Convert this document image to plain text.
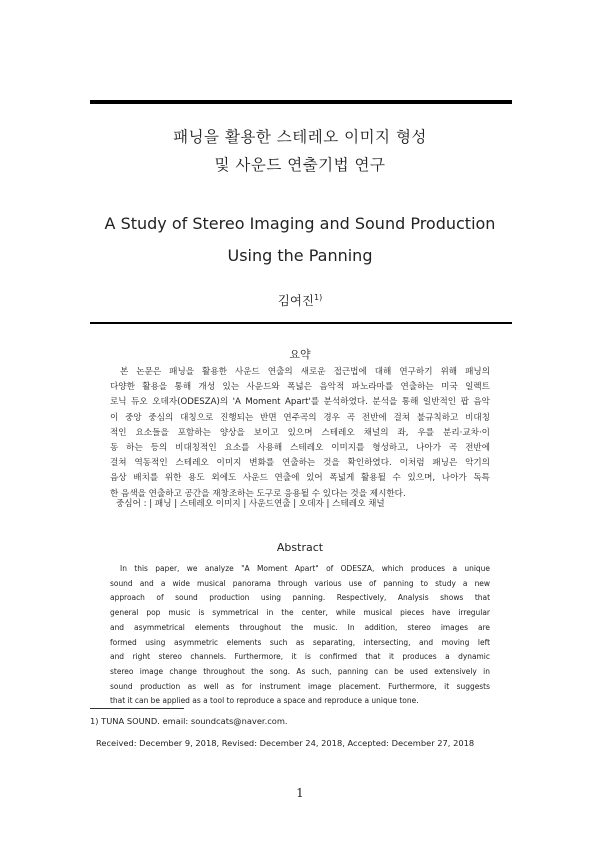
패닝을 활용한 스테레오 이미지 형성
및 사운드 연출기법 연구
A Study of Stereo Imaging and Sound Production
Using the Panning
김여진$^{1)}$
요약
본 논문은 패닝을 활용한 사운드 연출의 새로운 접근법에 대해 연구하기 위해 패닝의
다양한 활용을 통해 개성 있는 사운드와 폭넓은 음악적 파노라마를 연출하는 미국 일렉트
로닉 듀오 오데자(ODESZA)의 'A Moment Apart'를 분석하였다. 분석을 통해 일반적인 팝 음악
이 중앙 중심의 대칭으로 진행되는 반면 연주곡의 경우 곡 전반에 걸쳐 불규칙하고 비대칭
적인 요소들을 포함하는 양상을 보이고 있으며 스테레오 채널의 좌, 우를 분리·교차·이
동 하는 등의 비대칭적인 요소를 사용해 스테레오 이미지를 형성하고, 나아가 곡 전반에
걸쳐 역동적인 스테레오 이미지 변화를 연출하는 것을 확인하였다. 이처럼 패닝은 악기의
음상 배치를 위한 용도 외에도 사운드 연출에 있어 폭넓게 활용될 수 있으며, 나아가 독특
한 음색을 연출하고 공간을 재창조하는 도구로 응용될 수 있다는 것을 제시한다.
중심어 : | 패닝 | 스테레오 이미지 | 사운드연출 | 오데자 | 스테레오 채널
Abstract
In this paper, we analyze "A Moment Apart" of ODESZA, which produces a unique
sound and a wide musical panorama through various use of panning to study a new
approach of sound production using panning. Respectively, Analysis shows that
general pop music is symmetrical in the center, while musical pieces have irregular
and asymmetrical elements throughout the music. In addition, stereo images are
formed using asymmetric elements such as separating, intersecting, and moving left
and right stereo channels. Furthermore, it is confirmed that it produces a dynamic
stereo image change throughout the song. As such, panning can be used extensively in
sound production as well as for instrument image placement. Furthermore, it suggests
that it can be applied as a tool to reproduce a space and reproduce a unique tone.
1) TUNA SOUND. email: soundcats@naver.com.
Received: December 9, 2018, Revised: December 24, 2018, Accepted: December 27, 2018
1
